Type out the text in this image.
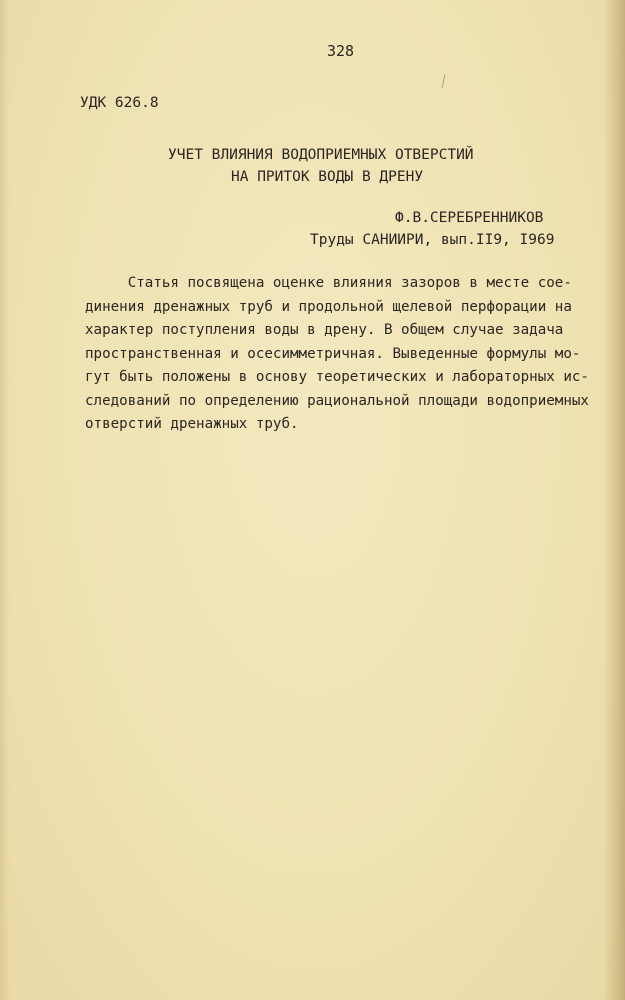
328
УДК 626.8
УЧЕТ ВЛИЯНИЯ ВОДОПРИЕМНЫХ ОТВЕРСТИЙ
НА ПРИТОК ВОДЫ В ДРЕНУ
Ф.В.СЕРЕБРЕННИКОВ
Труды САНИИРИ, вып.II9, I969
Статья посвящена оценке влияния зазоров в месте сое-
динения дренажных труб и продольной щелевой перфорации на
характер поступления воды в дрену. В общем случае задача
пространственная и осесимметричная. Выведенные формулы мо-
гут быть положены в основу теоретических и лабораторных ис-
следований по определению рациональной площади водоприемных
отверстий дренажных труб.
